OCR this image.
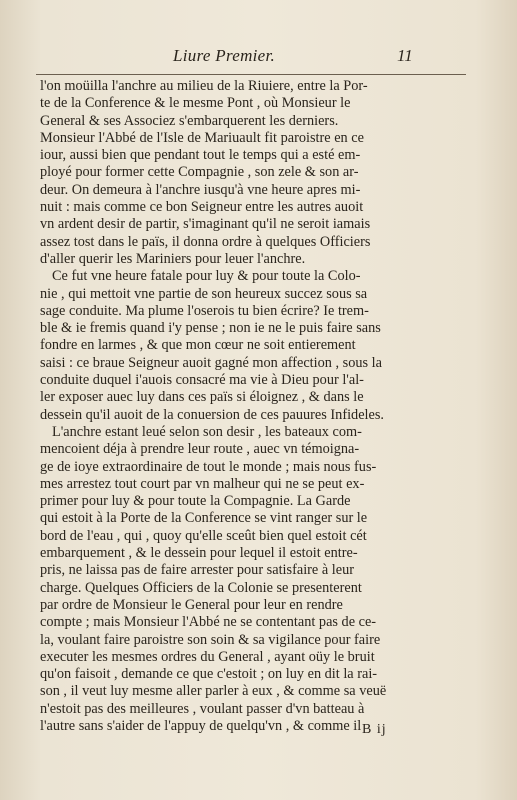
Liure Premier.	11

l'on moüilla l'anchre au milieu de la Riuiere, entre la Por-
te de la Conference & le mesme Pont , où Monsieur le
General & ses Associez s'embarquerent les derniers.
Monsieur l'Abbé de l'Isle de Mariuault fit paroistre en ce
iour, aussi bien que pendant tout le temps qui a esté em-
ployé pour former cette Compagnie , son zele & son ar-
deur. On demeura à l'anchre iusqu'à vne heure apres mi-
nuit : mais comme ce bon Seigneur entre les autres auoit
vn ardent desir de partir, s'imaginant qu'il ne seroit iamais
assez tost dans le païs, il donna ordre à quelques Officiers
d'aller querir les Mariniers pour leuer l'anchre.

Ce fut vne heure fatale pour luy & pour toute la Colo-
nie , qui mettoit vne partie de son heureux succez sous sa
sage conduite. Ma plume l'oserois tu bien écrire? Ie trem-
ble & ie fremis quand i'y pense ; non ie ne le puis faire sans
fondre en larmes , & que mon cœur ne soit entierement
saisi : ce braue Seigneur auoit gagné mon affection , sous la
conduite duquel i'auois consacré ma vie à Dieu pour l'al-
ler exposer auec luy dans ces païs si éloignez , & dans le
dessein qu'il auoit de la conuersion de ces pauures Infideles.

L'anchre estant leué selon son desir , les bateaux com-
mencoient déja à prendre leur route , auec vn témoigna-
ge de ioye extraordinaire de tout le monde ; mais nous fus-
mes arrestez tout court par vn malheur qui ne se peut ex-
primer pour luy & pour toute la Compagnie. La Garde
qui estoit à la Porte de la Conference se vint ranger sur le
bord de l'eau , qui , quoy qu'elle sceût bien quel estoit cét
embarquement , & le dessein pour lequel il estoit entre-
pris, ne laissa pas de faire arrester pour satisfaire à leur
charge. Quelques Officiers de la Colonie se presenterent
par ordre de Monsieur le General pour leur en rendre
compte ; mais Monsieur l'Abbé ne se contentant pas de ce-
la, voulant faire paroistre son soin & sa vigilance pour faire
executer les mesmes ordres du General , ayant oüy le bruit
qu'on faisoit , demande ce que c'estoit ; on luy en dit la rai-
son , il veut luy mesme aller parler à eux , & comme sa veuë
n'estoit pas des meilleures , voulant passer d'vn batteau à
l'autre sans s'aider de l'appuy de quelqu'vn , & comme il B ij
